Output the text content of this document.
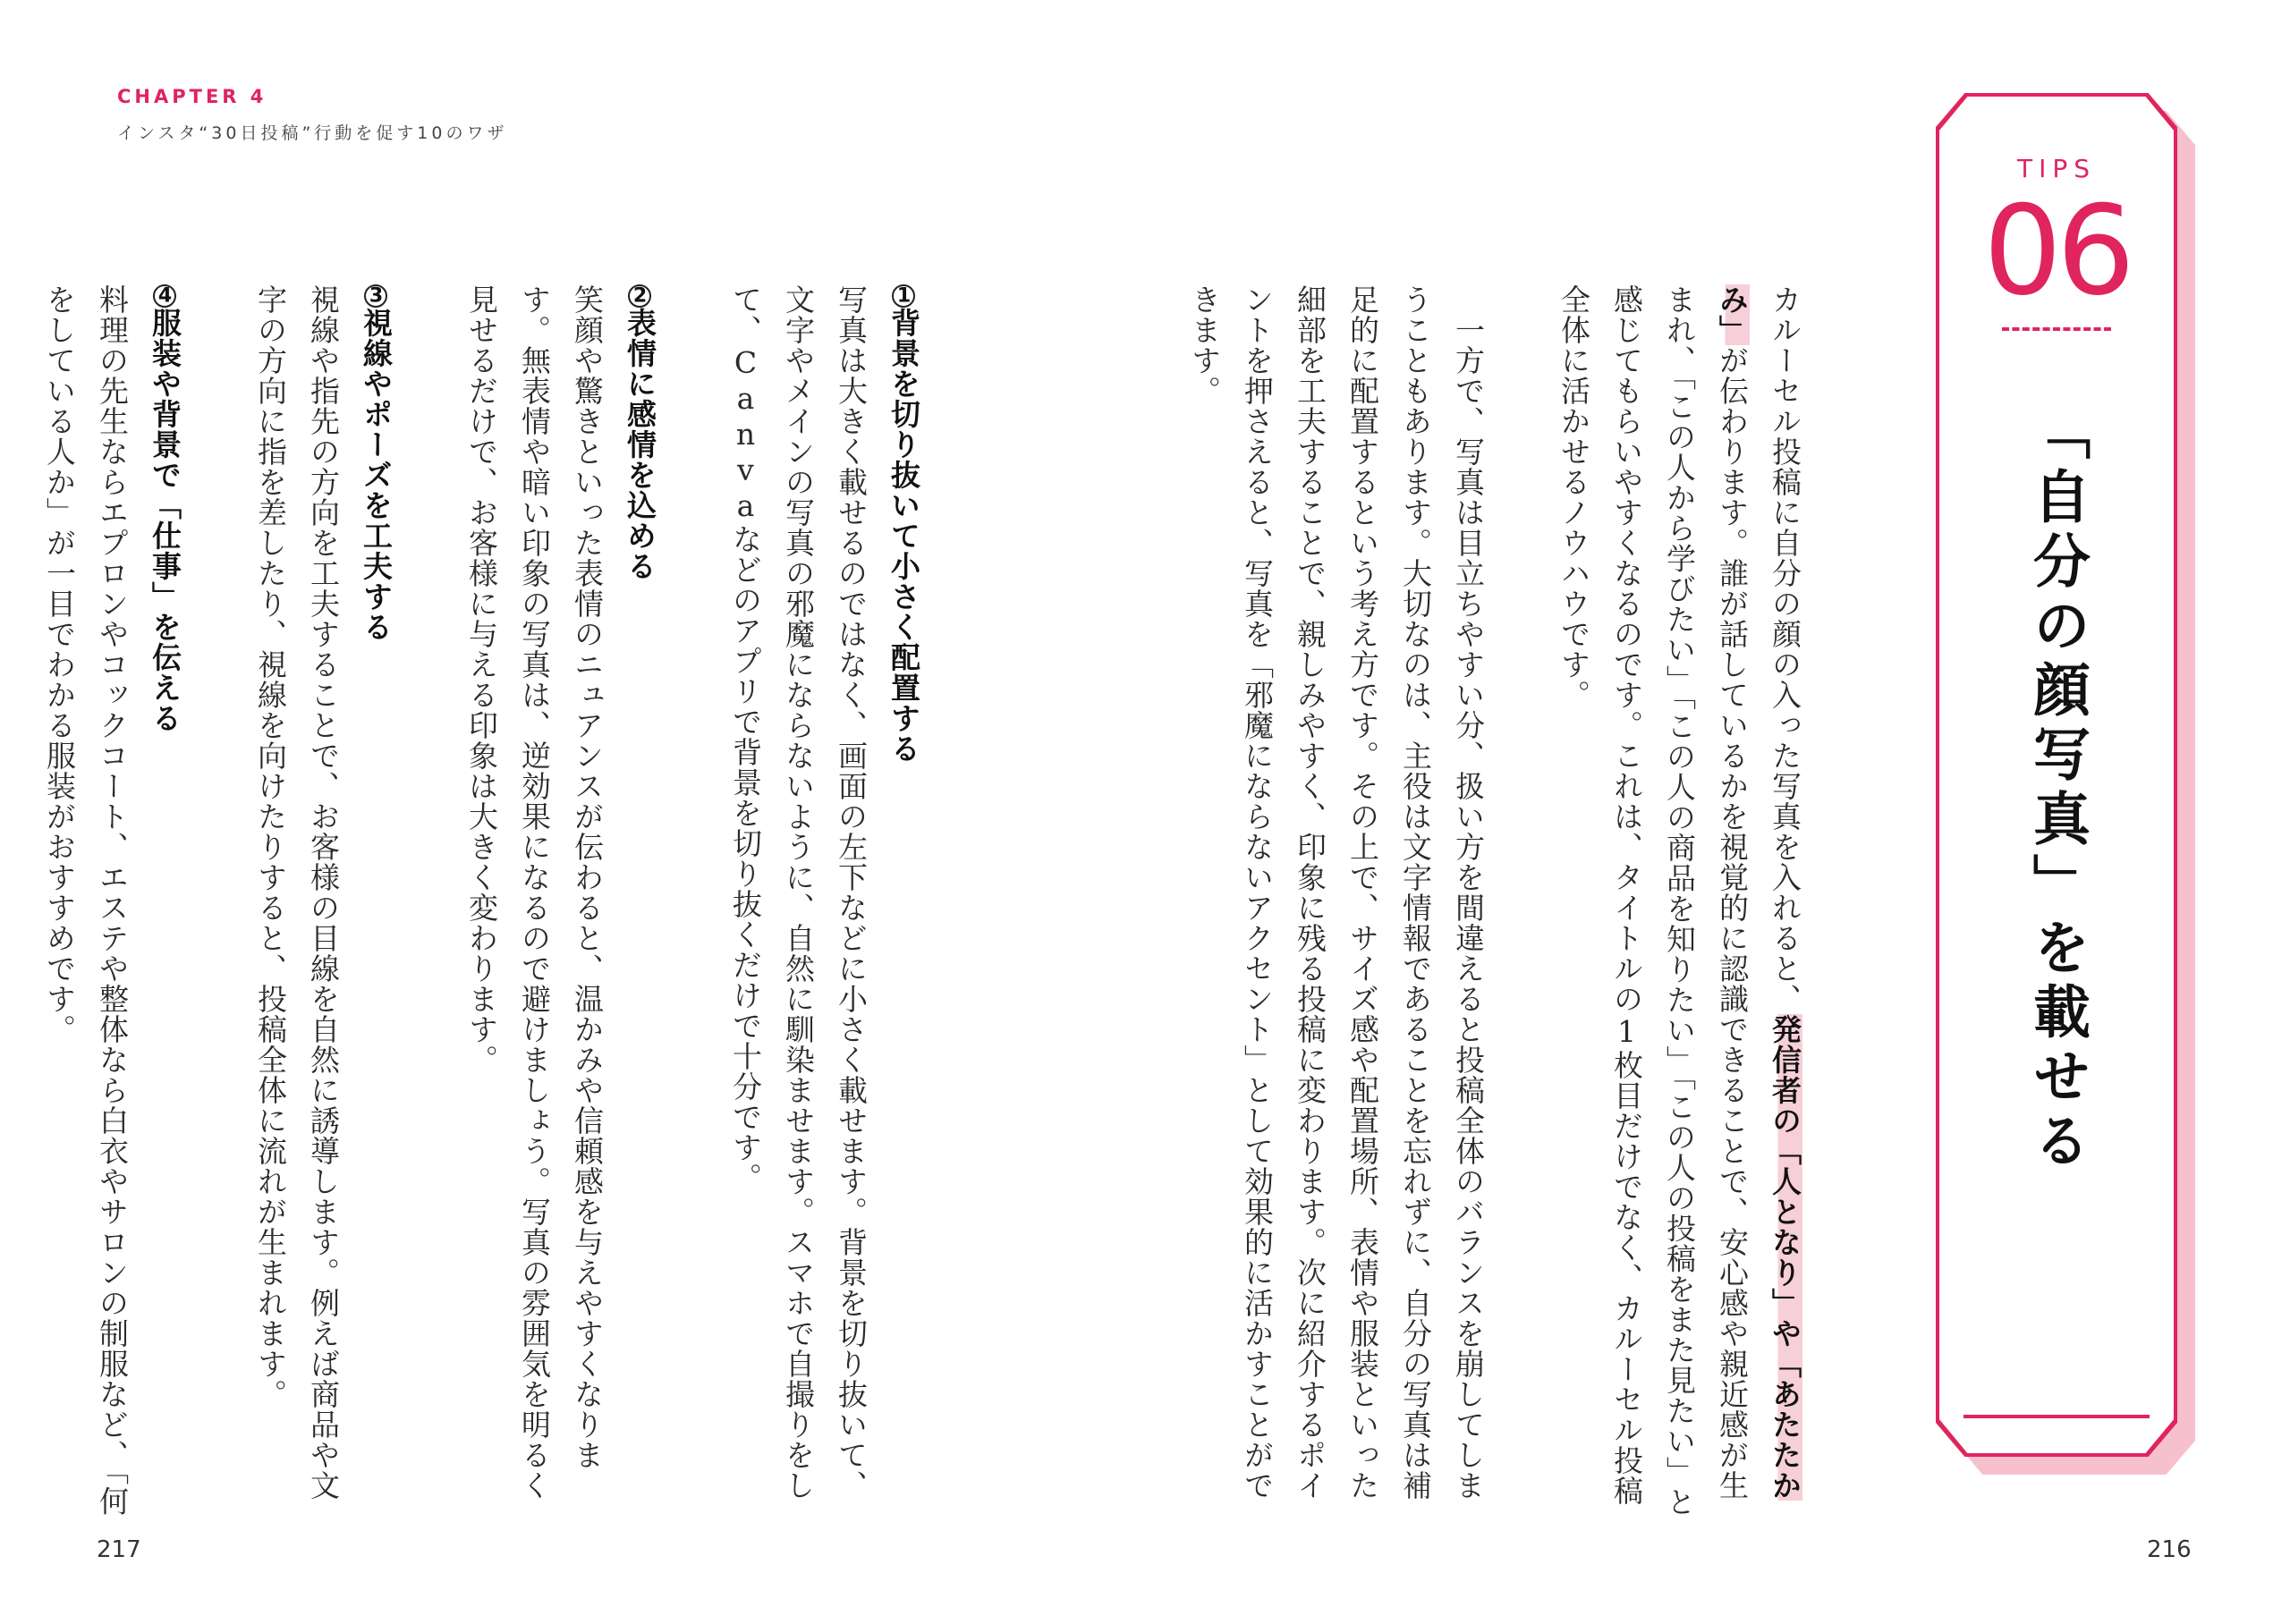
CHAPTER 4
インスタ“30日投稿”行動を促す10のワザ
TIPS
06
「自分の顔写真」を載せる

カルーセル投稿に自分の顔の入った写真を入れると、発信者の「人となり」や「あたたかみ」が伝わります。誰が話しているかを視覚的に認識できることで、安心感や親近感が生まれ、「この人から学びたい」「この人の商品を知りたい」「この人の投稿をまた見たい」と感じてもらいやすくなるのです。これは、タイトルの1枚目だけでなく、カルーセル投稿全体に活かせるノウハウです。

　一方で、写真は目立ちやすい分、扱い方を間違えると投稿全体のバランスを崩してしまうこともあります。大切なのは、主役は文字情報であることを忘れずに、自分の写真は補足的に配置するという考え方です。その上で、サイズ感や配置場所、表情や服装といった細部を工夫することで、親しみやすく、印象に残る投稿に変わります。次に紹介するポイントを押さえると、写真を「邪魔にならないアクセント」として効果的に活かすことができます。

1背景を切り抜いて小さく配置する
写真は大きく載せるのではなく、画面の左下などに小さく載せます。背景を切り抜いて、文字やメインの写真の邪魔にならないように、自然に馴染ませます。スマホで自撮りをして、Canvaなどのアプリで背景を切り抜くだけで十分です。

2表情に感情を込める
笑顔や驚きといった表情のニュアンスが伝わると、温かみや信頼感を与えやすくなります。無表情や暗い印象の写真は、逆効果になるので避けましょう。写真の雰囲気を明るく見せるだけで、お客様に与える印象は大きく変わります。

3視線やポーズを工夫する
視線や指先の方向を工夫することで、お客様の目線を自然に誘導します。例えば商品や文字の方向に指を差したり、視線を向けたりすると、投稿全体に流れが生まれます。

4服装や背景で「仕事」を伝える
料理の先生ならエプロンやコックコート、エステや整体なら白衣やサロンの制服など、「何をしている人か」が一目でわかる服装がおすすめです。

217	216
